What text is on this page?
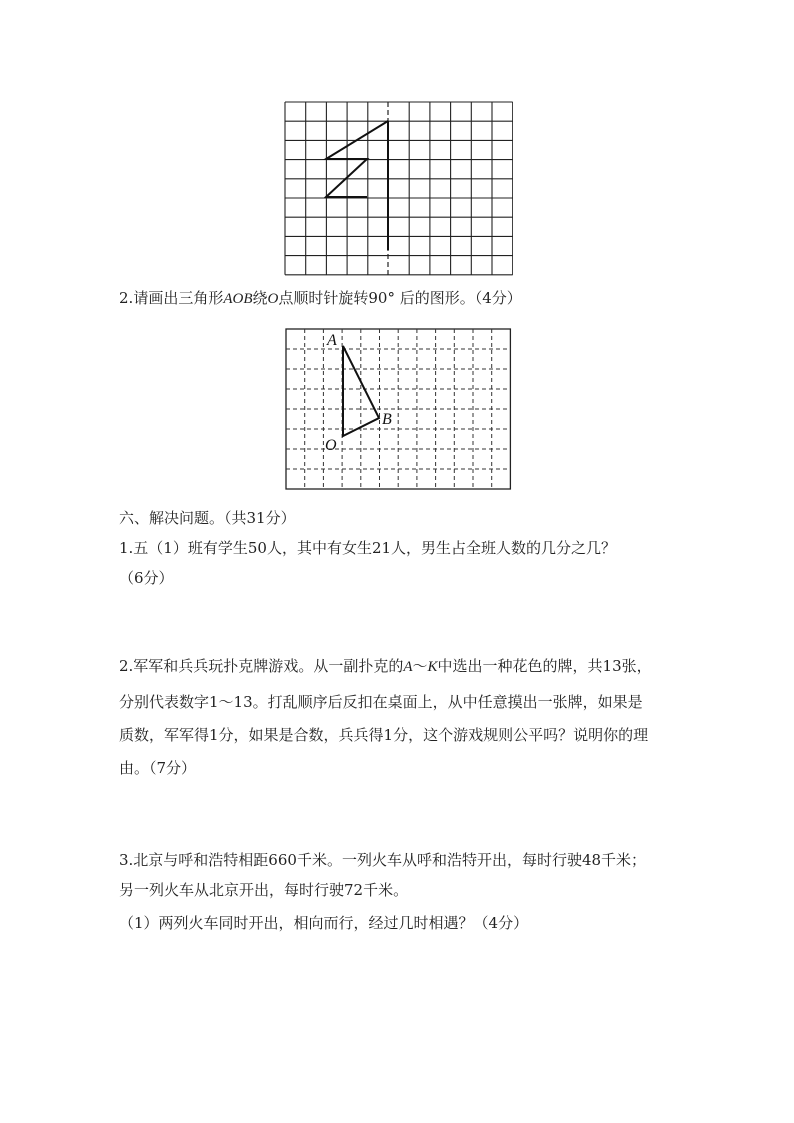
2.请画出三角形AOB绕O点顺时针旋转90° 后的图形。（4分）

A
B
O

六、解决问题。（共31分）

1.五（1）班有学生50人，其中有女生21人，男生占全班人数的几分之几？

（6分）

2.军军和兵兵玩扑克牌游戏。从一副扑克的A～K中选出一种花色的牌，共13张，

分别代表数字1～13。打乱顺序后反扣在桌面上，从中任意摸出一张牌，如果是

质数，军军得1分，如果是合数，兵兵得1分，这个游戏规则公平吗？说明你的理

由。（7分）

3.北京与呼和浩特相距660千米。一列火车从呼和浩特开出，每时行驶48千米；

另一列火车从北京开出，每时行驶72千米。

（1）两列火车同时开出，相向而行，经过几时相遇？（4分）
